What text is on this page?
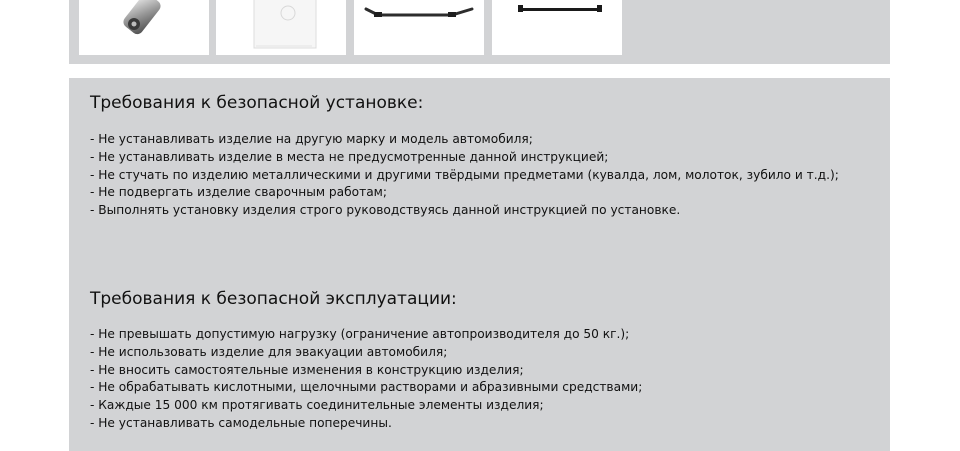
Требования к безопасной установке:
- Не устанавливать изделие на другую марку и модель автомобиля;
- Не устанавливать изделие в места не предусмотренные данной инструкцией;
- Не стучать по изделию металлическими и другими твёрдыми предметами (кувалда, лом, молоток, зубило и т.д.);
- Не подвергать изделие сварочным работам;
- Выполнять установку изделия строго руководствуясь данной инструкцией по установке.
Требования к безопасной эксплуатации:
- Не превышать допустимую нагрузку (ограничение автопроизводителя до 50 кг.);
- Не использовать изделие для эвакуации автомобиля;
- Не вносить самостоятельные изменения в конструкцию изделия;
- Не обрабатывать кислотными, щелочными растворами и абразивными средствами;
- Каждые 15 000 км протягивать соединительные элементы изделия;
- Не устанавливать самодельные поперечины.
